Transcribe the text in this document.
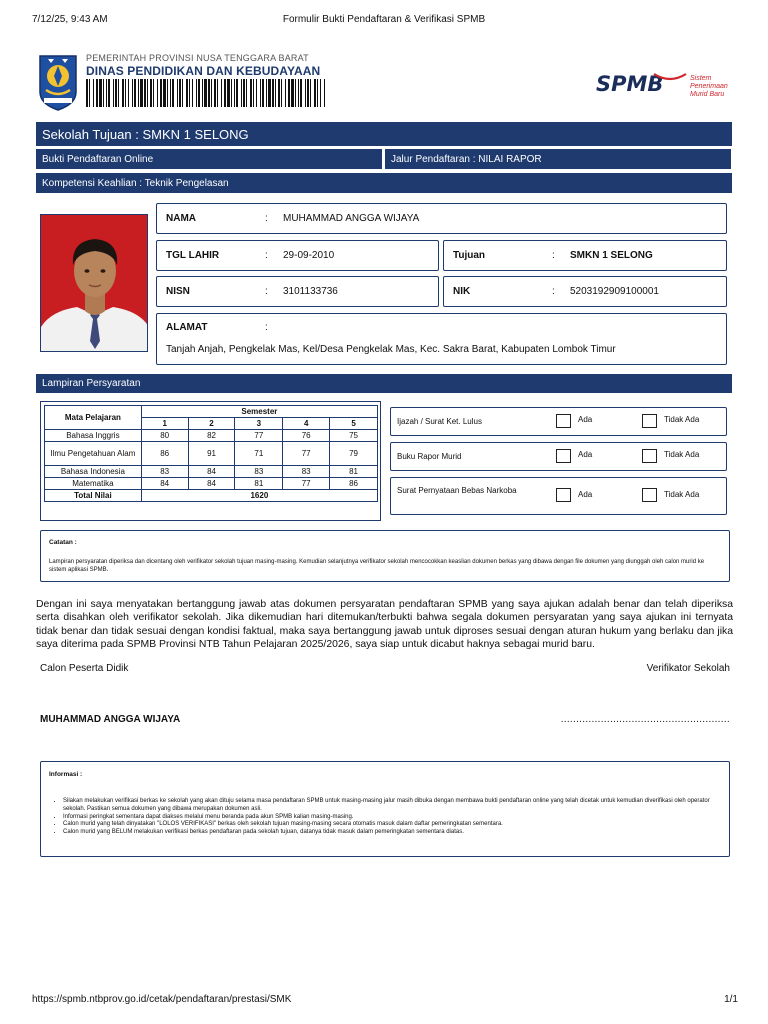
7/12/25, 9:43 AM	Formulir Bukti Pendaftaran & Verifikasi SPMB
PEMERINTAH PROVINSI NUSA TENGGARA BARAT
DINAS PENDIDIKAN DAN KEBUDAYAAN
SPMB	Sistem
Penerimaan
Murid Baru
Sekolah Tujuan : SMKN 1 SELONG
Bukti Pendaftaran Online	Jalur Pendaftaran : NILAI RAPOR
Kompetensi Keahlian : Teknik Pengelasan
NAMA	: MUHAMMAD ANGGA WIJAYA
TGL LAHIR	: 29-09-2010	Tujuan	: SMKN 1 SELONG
NISN	: 3101133736	NIK	: 5203192909100001
ALAMAT	:
Tanjah Anjah, Pengkelak Mas, Kel/Desa Pengkelak Mas, Kec. Sakra Barat, Kabupaten Lombok Timur
Lampiran Persyaratan
Mata Pelajaran	Semester				
	1	2	3	4	5
Bahasa Inggris	80	82	77	76	75
Ilmu Pengetahuan Alam	86	91	71	77	79
Bahasa Indonesia	83	84	83	83	81
Matematika	84	84	81	77	86
Total Nilai	1620				
Ijazah / Surat Ket. Lulus	Ada	Tidak Ada
Buku Rapor Murid	Ada	Tidak Ada
Surat Pernyataan Bebas Narkoba	Ada	Tidak Ada
Catatan :
Lampiran persyaratan diperiksa dan dicentang oleh verifikator sekolah tujuan masing-masing. Kemudian selanjutnya verifikator sekolah mencocokkan keaslian dokumen berkas yang dibawa dengan file dokumen yang diunggah oleh calon murid ke sistem aplikasi SPMB.
Dengan ini saya menyatakan bertanggung jawab atas dokumen persyaratan pendaftaran SPMB yang saya ajukan adalah benar dan telah diperiksa serta disahkan oleh verifikator sekolah. Jika dikemudian hari ditemukan/terbukti bahwa segala dokumen persyaratan yang saya ajukan ini ternyata tidak benar dan tidak sesuai dengan kondisi faktual, maka saya bertanggung jawab untuk diproses sesuai dengan aturan hukum yang berlaku dan jika saya diterima pada SPMB Provinsi NTB Tahun Pelajaran 2025/2026, saya siap untuk dicabut haknya sebagai murid baru.
Calon Peserta Didik	Verifikator Sekolah
MUHAMMAD ANGGA WIJAYA	.......................................................
Informasi :
• Silakan melakukan verifikasi berkas ke sekolah yang akan dituju selama masa pendaftaran SPMB untuk masing-masing jalur masih dibuka dengan membawa bukti pendaftaran online yang telah dicetak untuk kemudian diverifikasi oleh operator sekolah. Pastikan semua dokumen yang dibawa merupakan dokumen asli.
• Informasi peringkat sementara dapat diakses melalui menu beranda pada akun SPMB kalian masing-masing.
• Calon murid yang telah dinyatakan "LOLOS VERIFIKASI" berkas oleh sekolah tujuan masing-masing secara otomatis masuk dalam daftar pemeringkatan sementara.
• Calon murid yang BELUM melakukan verifikasi berkas pendaftaran pada sekolah tujuan, datanya tidak masuk dalam pemeringkatan sementara diatas.
https://spmb.ntbprov.go.id/cetak/pendaftaran/prestasi/SMK	1/1
